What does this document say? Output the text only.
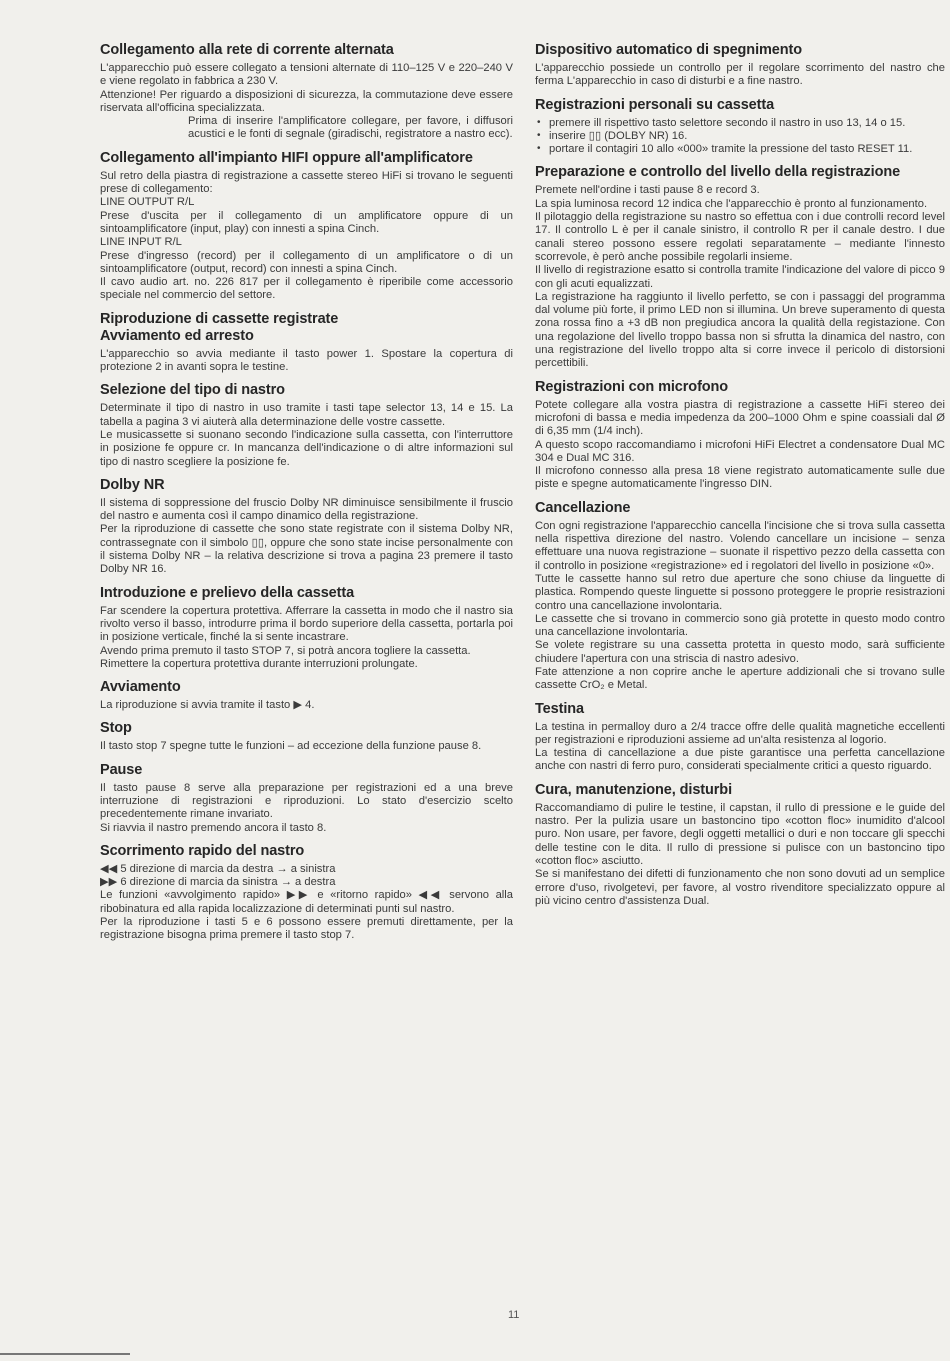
Collegamento alla rete di corrente alternata

L'apparecchio può essere collegato a tensioni alternate di 110–125 V e 220–240 V e viene regolato in fabbrica a 230 V.

Attenzione! Per riguardo a disposizioni di sicurezza, la commutazione deve essere riservata all'officina specializzata.

Prima di inserire l'amplificatore collegare, per favore, i diffusori acustici e le fonti di segnale (giradischi, registratore a nastro ecc).

Collegamento all'impianto HIFI oppure all'amplificatore

Sul retro della piastra di registrazione a cassette stereo HiFi si trovano le seguenti prese di collegamento:

LINE OUTPUT R/L

Prese d'uscita per il collegamento di un amplificatore oppure di un sintoamplificatore (input, play) con innesti a spina Cinch.

LINE INPUT R/L

Prese d'ingresso (record) per il collegamento di un amplificatore o di un sintoamplificatore (output, record) con innesti a spina Cinch.

Il cavo audio art. no. 226 817 per il collegamento è riperibile come accessorio speciale nel commercio del settore.

Riproduzione di cassette registrate
Avviamento ed arresto

L'apparecchio so avvia mediante il tasto power 1. Spostare la copertura di protezione 2 in avanti sopra le testine.

Selezione del tipo di nastro

Determinate il tipo di nastro in uso tramite i tasti tape selector 13, 14 e 15. La tabella a pagina 3 vi aiuterà alla determinazione delle vostre cassette.

Le musicassette si suonano secondo l'indicazione sulla cassetta, con l'interruttore in posizione fe oppure cr. In mancanza dell'indicazione o di altre informazioni sul tipo di nastro scegliere la posizione fe.

Dolby NR

Il sistema di soppressione del fruscio Dolby NR diminuisce sensibilmente il fruscio del nastro e aumenta così il campo dinamico della registrazione.

Per la riproduzione di cassette che sono state registrate con il sistema Dolby NR, contrassegnate con il simbolo ▯▯, oppure che sono state incise personalmente con il sistema Dolby NR – la relativa descrizione si trova a pagina 23 premere il tasto Dolby NR 16.

Introduzione e prelievo della cassetta

Far scendere la copertura protettiva. Afferrare la cassetta in modo che il nastro sia rivolto verso il basso, introdurre prima il bordo superiore della cassetta, portarla poi in posizione verticale, finché la si sente incastrare.

Avendo prima premuto il tasto STOP 7, si potrà ancora togliere la cassetta.

Rimettere la copertura protettiva durante interruzioni prolungate.

Avviamento

La riproduzione si avvia tramite il tasto ▶ 4.

Stop

Il tasto stop 7 spegne tutte le funzioni – ad eccezione della funzione pause 8.

Pause

Il tasto pause 8 serve alla preparazione per registrazioni ed a una breve interruzione di registrazioni e riproduzioni. Lo stato d'esercizio scelto precedentemente rimane invariato.

Si riavvia il nastro premendo ancora il tasto 8.

Scorrimento rapido del nastro

◀◀ 5 direzione di marcia da destra → a sinistra

▶▶ 6 direzione di marcia da sinistra → a destra

Le funzioni «avvolgimento rapido» ▶▶ e «ritorno rapido» ◀◀ servono alla ribobinatura ed alla rapida localizzazione di determinati punti sul nastro.

Per la riproduzione i tasti 5 e 6 possono essere premuti direttamente, per la registrazione bisogna prima premere il tasto stop 7.

Dispositivo automatico di spegnimento

L'apparecchio possiede un controllo per il regolare scorrimento del nastro che ferma L'apparecchio in caso di disturbi e a fine nastro.

Registrazioni personali su cassetta
• premere ill rispettivo tasto selettore secondo il nastro in uso 13, 14 o 15.
• inserire ▯▯ (DOLBY NR) 16.
• portare il contagiri 10 allo «000» tramite la pressione del tasto RESET 11.
Preparazione e controllo del livello della registrazione

Premete nell'ordine i tasti pause 8 e record 3.

La spia luminosa record 12 indica che l'apparecchio è pronto al funzionamento.

Il pilotaggio della registrazione su nastro so effettua con i due controlli record level 17. Il controllo L è per il canale sinistro, il controllo R per il canale destro. I due canali stereo possono essere regolati separatamente – mediante l'innesto scorrevole, è però anche possibile regolarli insieme.

Il livello di registrazione esatto si controlla tramite l'indicazione del valore di picco 9 con gli acuti equalizzati.

La registrazione ha raggiunto il livello perfetto, se con i passaggi del programma dal volume più forte, il primo LED non si illumina. Un breve superamento di questa zona rossa fino a +3 dB non pregiudica ancora la qualità della registazione. Con una regolazione del livello troppo bassa non si sfrutta la dinamica del nastro, con una registrazione del livello troppo alta si corre invece il pericolo di distorsioni percettibili.

Registrazioni con microfono

Potete collegare alla vostra piastra di registrazione a cassette HiFi stereo dei microfoni di bassa e media impedenza da 200–1000 Ohm e spine coassiali dal Ø di 6,35 mm (1/4 inch).

A questo scopo raccomandiamo i microfoni HiFi Electret a condensatore Dual MC 304 e Dual MC 316.

Il microfono connesso alla presa 18 viene registrato automaticamente sulle due piste e spegne automaticamente l'ingresso DIN.

Cancellazione

Con ogni registrazione l'apparecchio cancella l'incisione che si trova sulla cassetta nella rispettiva direzione del nastro. Volendo cancellare un incisione – senza effettuare una nuova registrazione – suonate il rispettivo pezzo della cassetta con il controllo in posizione «registrazione» ed i regolatori del livello in posizione «0».

Tutte le cassette hanno sul retro due aperture che sono chiuse da linguette di plastica. Rompendo queste linguette si possono proteggere le proprie resistrazioni contro una cancellazione involontaria.

Le cassette che si trovano in commercio sono già protette in questo modo contro una cancellazione involontaria.

Se volete registrare su una cassetta protetta in questo modo, sarà sufficiente chiudere l'apertura con una striscia di nastro adesivo.

Fate attenzione a non coprire anche le aperture addizionali che si trovano sulle cassette CrO₂ e Metal.

Testina

La testina in permalloy duro a 2/4 tracce offre delle qualità magnetiche eccellenti per registrazioni e riproduzioni assieme ad un'alta resistenza al logorio.

La testina di cancellazione a due piste garantisce una perfetta cancellazione anche con nastri di ferro puro, considerati specialmente critici a questo riguardo.

Cura, manutenzione, disturbi

Raccomandiamo di pulire le testine, il capstan, il rullo di pressione e le guide del nastro. Per la pulizia usare un bastoncino tipo «cotton floc» inumidito d'alcool puro. Non usare, per favore, degli oggetti metallici o duri e non toccare gli specchi delle testine con le dita. Il rullo di pressione si pulisce con un bastoncino tipo «cotton floc» asciutto.

Se si manifestano dei difetti di funzionamento che non sono dovuti ad un semplice errore d'uso, rivolgetevi, per favore, al vostro rivenditore specializzato oppure al più vicino centro d'assistenza Dual.

11
